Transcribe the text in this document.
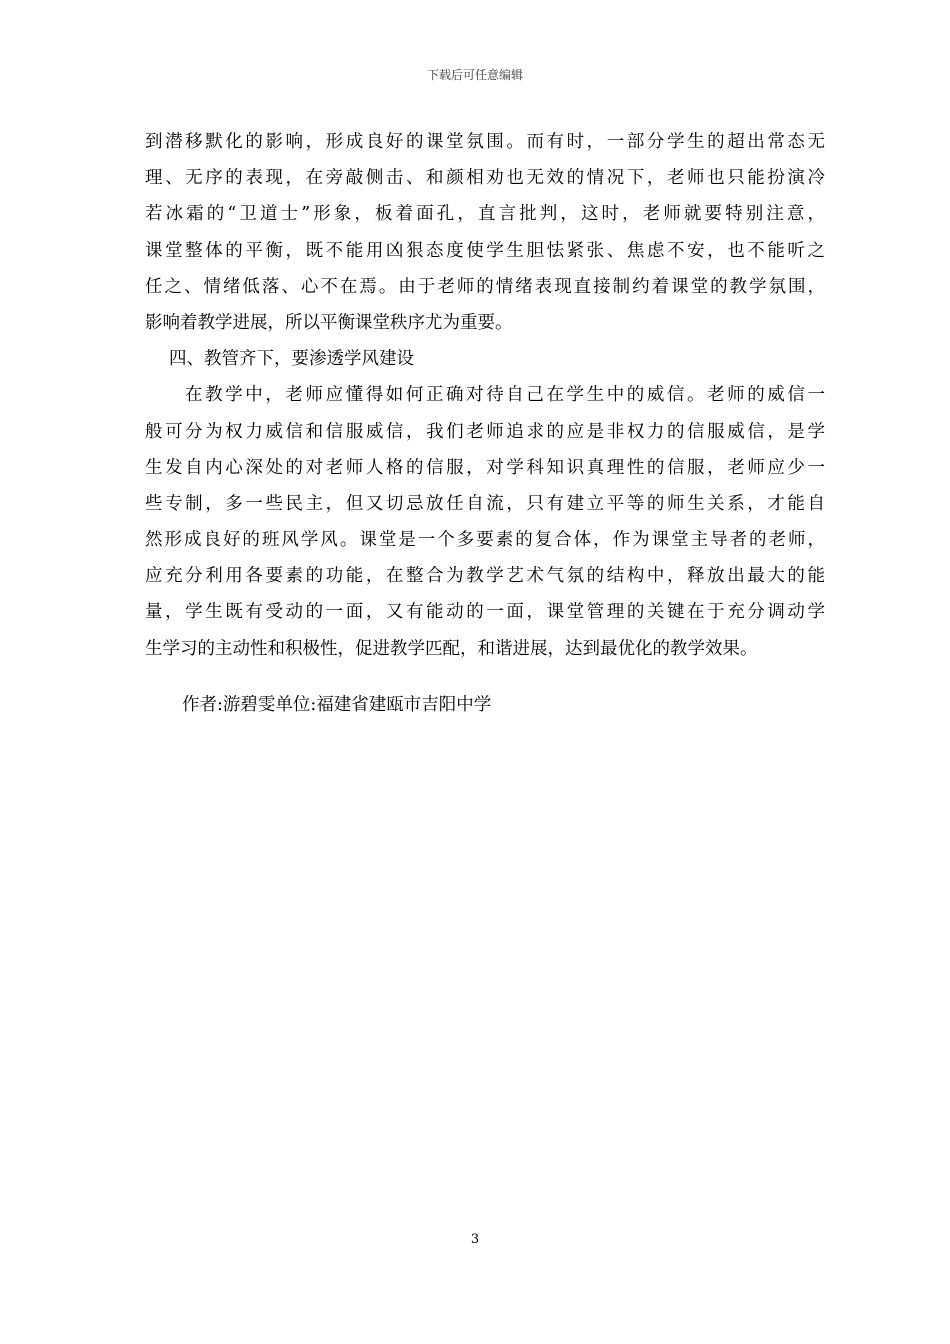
下载后可任意编辑
到潜移默化的影响，形成良好的课堂氛围。而有时，一部分学生的超出常态无
理、无序的表现，在旁敲侧击、和颜相劝也无效的情况下，老师也只能扮演冷
若冰霜的“卫道士”形象，板着面孔，直言批判，这时，老师就要特别注意，
课堂整体的平衡，既不能用凶狠态度使学生胆怯紧张、焦虑不安，也不能听之
任之、情绪低落、心不在焉。由于老师的情绪表现直接制约着课堂的教学氛围，
影响着教学进展，所以平衡课堂秩序尤为重要。
四、教管齐下，要渗透学风建设
在教学中，老师应懂得如何正确对待自己在学生中的威信。老师的威信一
般可分为权力威信和信服威信，我们老师追求的应是非权力的信服威信，是学
生发自内心深处的对老师人格的信服，对学科知识真理性的信服，老师应少一
些专制，多一些民主，但又切忌放任自流，只有建立平等的师生关系，才能自
然形成良好的班风学风。课堂是一个多要素的复合体，作为课堂主导者的老师，
应充分利用各要素的功能，在整合为教学艺术气氛的结构中，释放出最大的能
量，学生既有受动的一面，又有能动的一面，课堂管理的关键在于充分调动学
生学习的主动性和积极性，促进教学匹配，和谐进展，达到最优化的教学效果。
作者:游碧雯单位:福建省建瓯市吉阳中学
3
